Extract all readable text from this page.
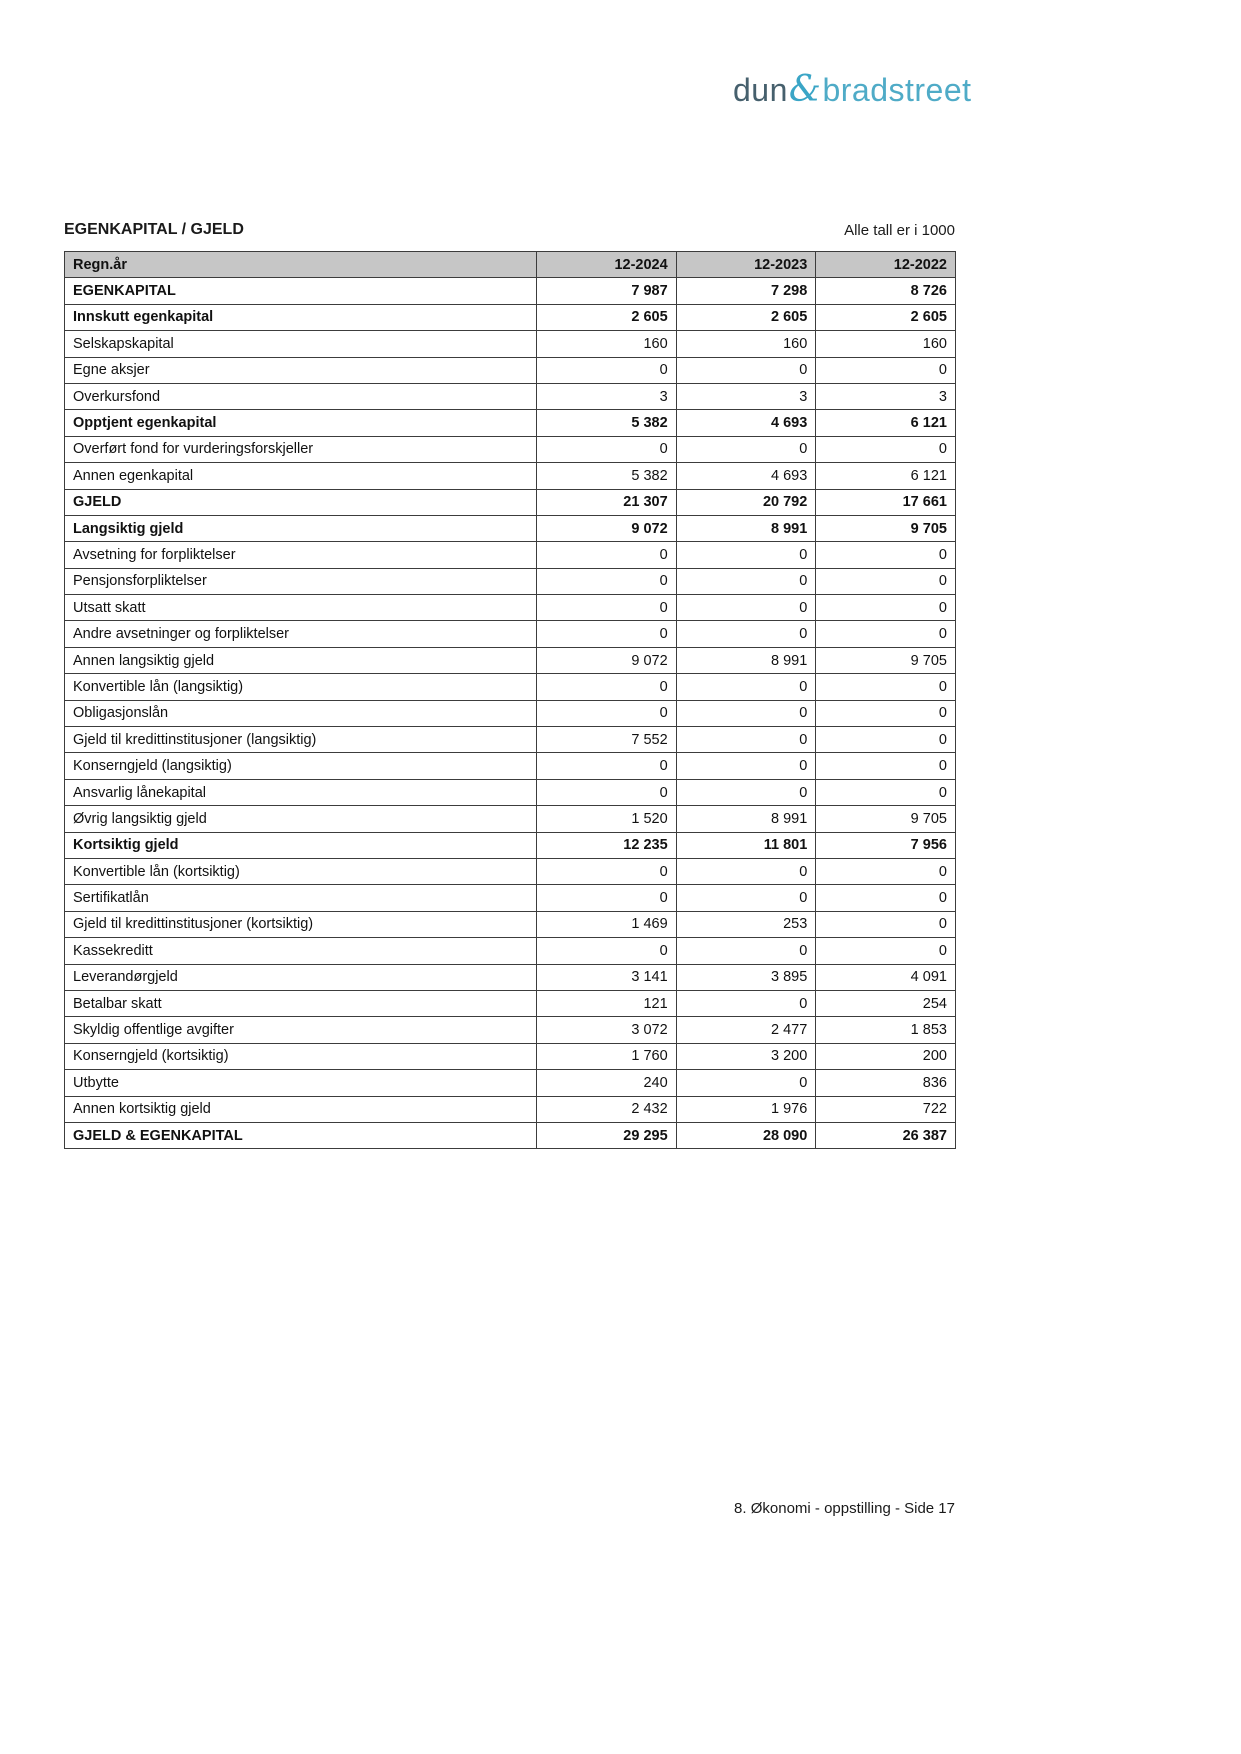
dun&bradstreet
EGENKAPITAL / GJELD	Alle tall er i 1000
Regn.år	12-2024	12-2023	12-2022
EGENKAPITAL	7 987	7 298	8 726
Innskutt egenkapital	2 605	2 605	2 605
Selskapskapital	160	160	160
Egne aksjer	0	0	0
Overkursfond	3	3	3
Opptjent egenkapital	5 382	4 693	6 121
Overført fond for vurderingsforskjeller	0	0	0
Annen egenkapital	5 382	4 693	6 121
GJELD	21 307	20 792	17 661
Langsiktig gjeld	9 072	8 991	9 705
Avsetning for forpliktelser	0	0	0
Pensjonsforpliktelser	0	0	0
Utsatt skatt	0	0	0
Andre avsetninger og forpliktelser	0	0	0
Annen langsiktig gjeld	9 072	8 991	9 705
Konvertible lån (langsiktig)	0	0	0
Obligasjonslån	0	0	0
Gjeld til kredittinstitusjoner (langsiktig)	7 552	0	0
Konserngjeld (langsiktig)	0	0	0
Ansvarlig lånekapital	0	0	0
Øvrig langsiktig gjeld	1 520	8 991	9 705
Kortsiktig gjeld	12 235	11 801	7 956
Konvertible lån (kortsiktig)	0	0	0
Sertifikatlån	0	0	0
Gjeld til kredittinstitusjoner (kortsiktig)	1 469	253	0
Kassekreditt	0	0	0
Leverandørgjeld	3 141	3 895	4 091
Betalbar skatt	121	0	254
Skyldig offentlige avgifter	3 072	2 477	1 853
Konserngjeld (kortsiktig)	1 760	3 200	200
Utbytte	240	0	836
Annen kortsiktig gjeld	2 432	1 976	722
GJELD & EGENKAPITAL	29 295	28 090	26 387
8. Økonomi - oppstilling - Side 17
